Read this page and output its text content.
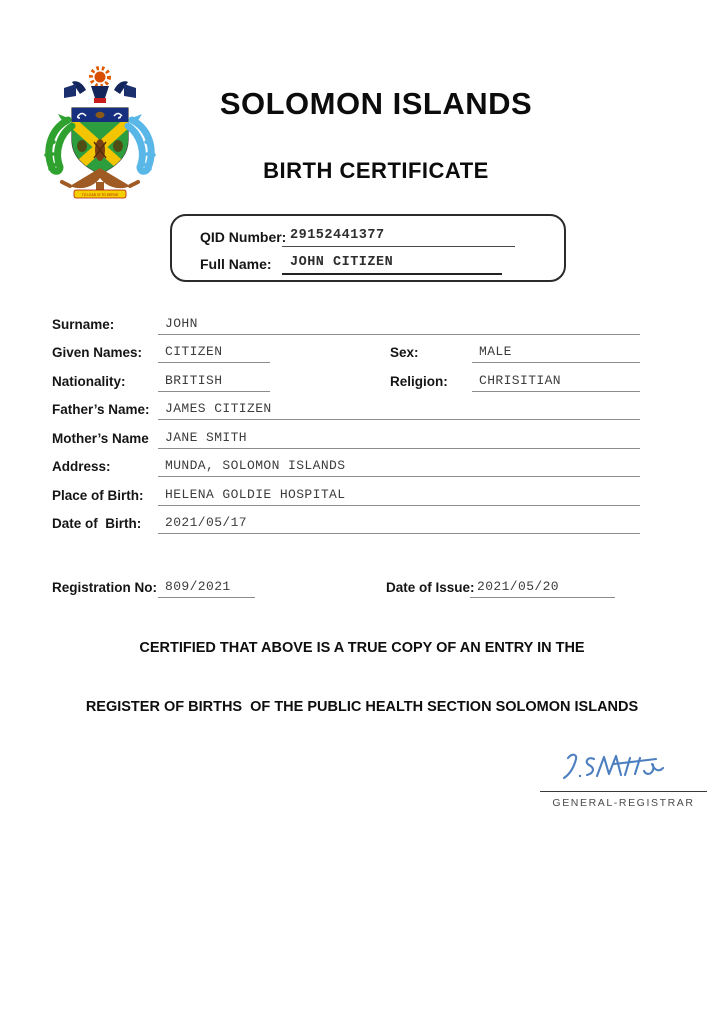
TO LEAD IS TO SERVE
SOLOMON ISLANDS
BIRTH CERTIFICATE
QID Number: 29152441377
Full Name:	JOHN CITIZEN
Surname:	JOHN
Given Names:	CITIZEN	Sex:	MALE
Nationality:	BRITISH	Religion:	CHRISITIAN
Father’s Name:	JAMES CITIZEN
Mother’s Name	JANE SMITH
Address:	MUNDA, SOLOMON ISLANDS
Place of Birth:	HELENA GOLDIE HOSPITAL
Date of  Birth:	2021/05/17
Registration No: 809/2021	Date of Issue: 2021/05/20
CERTIFIED THAT ABOVE IS A TRUE COPY OF AN ENTRY IN THE
REGISTER OF BIRTHS  OF THE PUBLIC HEALTH SECTION SOLOMON ISLANDS
GENERAL-REGISTRAR
